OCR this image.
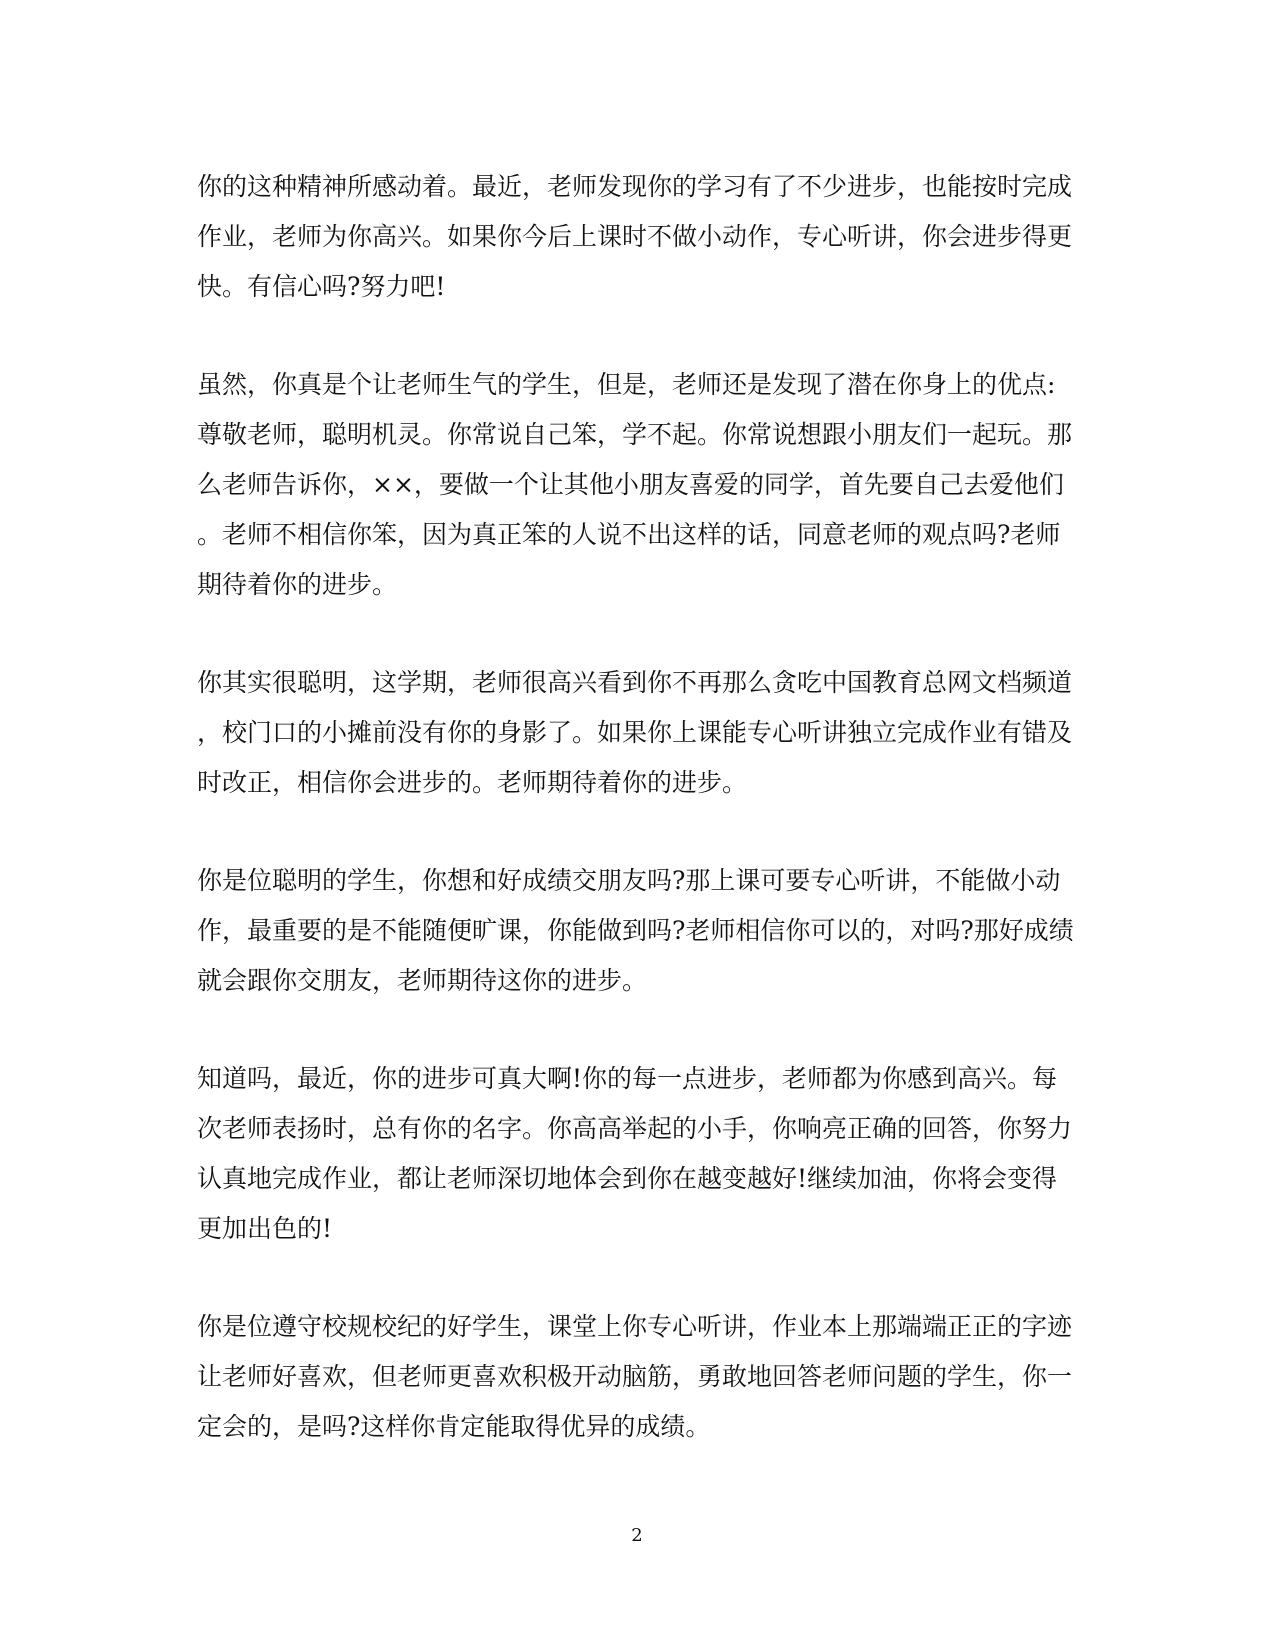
你的这种精神所感动着。最近，老师发现你的学习有了不少进步，也能按时完成
作业，老师为你高兴。如果你今后上课时不做小动作，专心听讲，你会进步得更
快。有信心吗?努力吧!

虽然，你真是个让老师生气的学生，但是，老师还是发现了潜在你身上的优点:
尊敬老师，聪明机灵。你常说自己笨，学不起。你常说想跟小朋友们一起玩。那
么老师告诉你，××，要做一个让其他小朋友喜爱的同学，首先要自己去爱他们
。老师不相信你笨，因为真正笨的人说不出这样的话，同意老师的观点吗?老师
期待着你的进步。

你其实很聪明，这学期，老师很高兴看到你不再那么贪吃中国教育总网文档频道
，校门口的小摊前没有你的身影了。如果你上课能专心听讲独立完成作业有错及
时改正，相信你会进步的。老师期待着你的进步。

你是位聪明的学生，你想和好成绩交朋友吗?那上课可要专心听讲，不能做小动
作，最重要的是不能随便旷课，你能做到吗?老师相信你可以的，对吗?那好成绩
就会跟你交朋友，老师期待这你的进步。

知道吗，最近，你的进步可真大啊!你的每一点进步，老师都为你感到高兴。每
次老师表扬时，总有你的名字。你高高举起的小手，你响亮正确的回答，你努力
认真地完成作业，都让老师深切地体会到你在越变越好!继续加油，你将会变得
更加出色的!

你是位遵守校规校纪的好学生，课堂上你专心听讲，作业本上那端端正正的字迹
让老师好喜欢，但老师更喜欢积极开动脑筋，勇敢地回答老师问题的学生，你一
定会的，是吗?这样你肯定能取得优异的成绩。

2
